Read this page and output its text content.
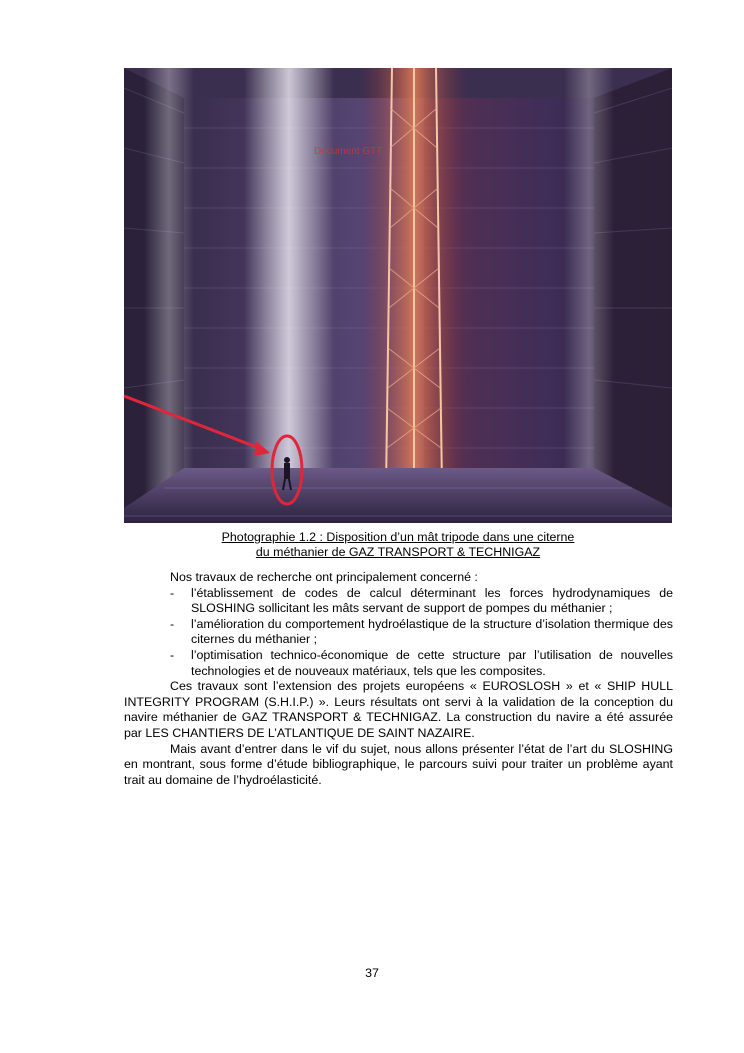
Document GTT
Photographie 1.2 : Disposition d’un mât tripode dans une citerne
du méthanier de GAZ TRANSPORT & TECHNIGAZ

Nos travaux de recherche ont principalement concerné :

- l’établissement de codes de calcul déterminant les forces hydrodynamiques de SLOSHING sollicitant les mâts servant de support de pompes du méthanier ;
- l’amélioration du comportement hydroélastique de la structure d’isolation thermique des citernes du méthanier ;
- l’optimisation technico-économique de cette structure par l’utilisation de nouvelles technologies et de nouveaux matériaux, tels que les composites.

Ces travaux sont l’extension des projets européens « EUROSLOSH » et « SHIP HULL INTEGRITY PROGRAM (S.H.I.P.) ». Leurs résultats ont servi à la validation de la conception du navire méthanier de GAZ TRANSPORT & TECHNIGAZ. La construction du navire a été assurée par LES CHANTIERS DE L’ATLANTIQUE DE SAINT NAZAIRE.

Mais avant d’entrer dans le vif du sujet, nous allons présenter l’état de l’art du SLOSHING en montrant, sous forme d’étude bibliographique, le parcours suivi pour traiter un problème ayant trait au domaine de l’hydroélasticité.

37
